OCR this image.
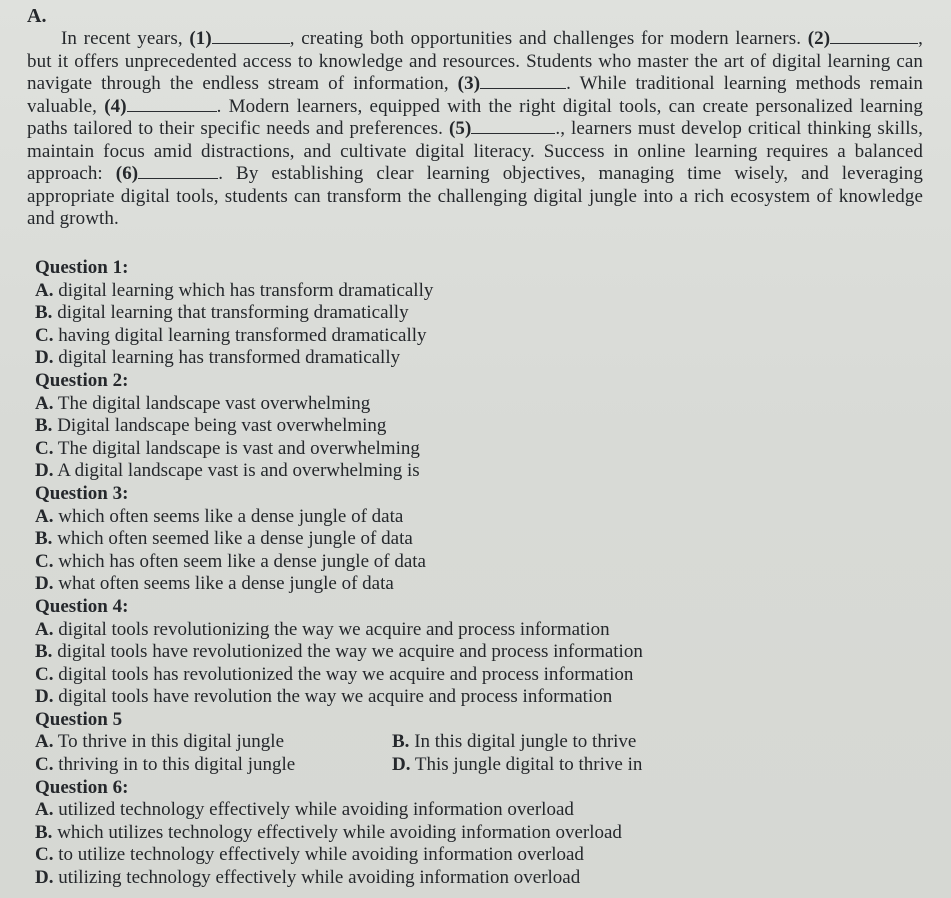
A.
In recent years, (1)	, creating both opportunities and challenges for modern learners. (2)	, but it offers unprecedented access to knowledge and resources. Students who master the art of digital learning can navigate through the endless stream of information, (3)	. While traditional learning methods remain valuable, (4)	. Modern learners, equipped with the right digital tools, can create personalized learning paths tailored to their specific needs and preferences. (5)	., learners must develop critical thinking skills, maintain focus amid distractions, and cultivate digital literacy. Success in online learning requires a balanced approach: (6)	. By establishing clear learning objectives, managing time wisely, and leveraging appropriate digital tools, students can transform the challenging digital jungle into a rich ecosystem of knowledge and growth.
Question 1:
A. digital learning which has transform dramatically
B. digital learning that transforming dramatically
C. having digital learning transformed dramatically
D. digital learning has transformed dramatically
Question 2:
A. The digital landscape vast overwhelming
B. Digital landscape being vast overwhelming
C. The digital landscape is vast and overwhelming
D. A digital landscape vast is and overwhelming is
Question 3:
A. which often seems like a dense jungle of data
B. which often seemed like a dense jungle of data
C. which has often seem like a dense jungle of data
D. what often seems like a dense jungle of data
Question 4:
A. digital tools revolutionizing the way we acquire and process information
B. digital tools have revolutionized the way we acquire and process information
C. digital tools has revolutionized the way we acquire and process information
D. digital tools have revolution the way we acquire and process information
Question 5
A. To thrive in this digital jungle	B. In this digital jungle to thrive
C. thriving in to this digital jungle	D. This jungle digital to thrive in
Question 6:
A. utilized technology effectively while avoiding information overload
B. which utilizes technology effectively while avoiding information overload
C. to utilize technology effectively while avoiding information overload
D. utilizing technology effectively while avoiding information overload
